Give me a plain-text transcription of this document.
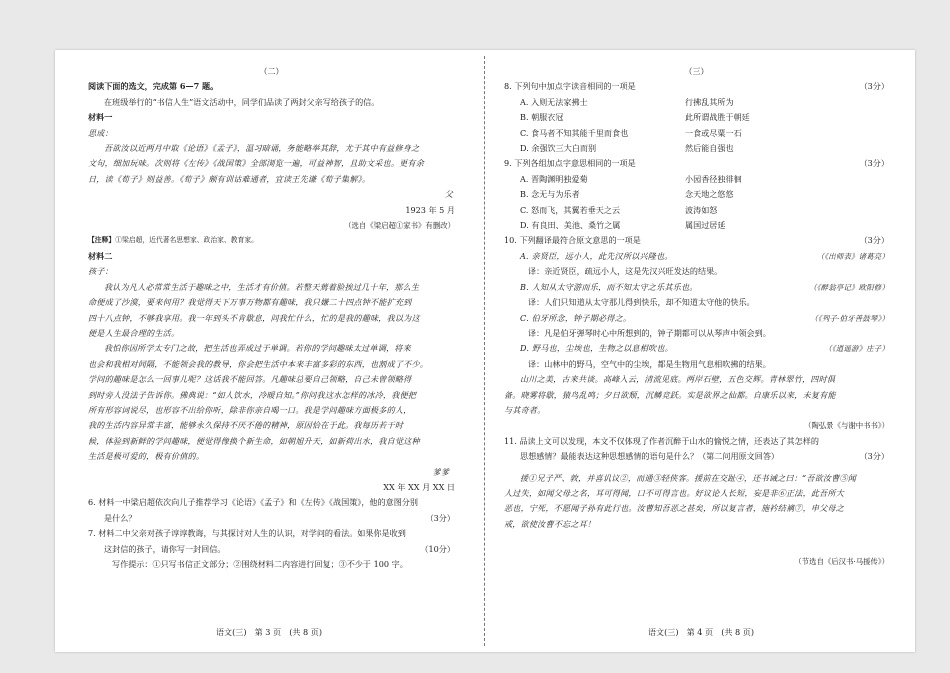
（二）
阅读下面的选文，完成第 6—7 题。
在班级举行的“书信人生”语文活动中，同学们品读了两封父亲写给孩子的信。
材料一
思成：
吾欲汝以近两月中取《论语》《孟子》，温习暗诵，务能略举其辞，尤于其中有益修身之
文句，细加玩味。次则将《左传》《战国策》全部浏览一遍，可益神智，且助文采也。更有余
日，读《荀子》则益善。《荀子》颇有训诂难通者，宜读王先谦《荀子集解》。
父
1923 年 5 月
（选自《梁启超①家书》有删改）
【注释】①梁启超，近代著名思想家、政治家、教育家。
材料二
孩子：
我认为凡人必常常生活于趣味之中，生活才有价值。若整天蔫着脸挨过几十年，那么生
命便成了沙漠，要来何用？我觉得天下万事万物都有趣味，我只嫌二十四点钟不能扩充到
四十八点钟，不够我享用。我一年到头不肯歇息，问我忙什么，忙的是我的趣味，我以为这
便是人生最合理的生活。
我怕你因所学太专门之故，把生活也弄成过于单调。若你的学问趣味太过单调，将来
也会和我相对间隔，不能领会我的教导，你会把生活中本来丰富多彩的东西，也割成了不少。
学问的趣味是怎么一回事儿呢？这话我不能回答。凡趣味总要自己领略，自己未曾领略得
到时旁人没法子告诉你。佛典说：“如人饮水，冷暖自知。”你问我这水怎样的冰冷，我便把
所有形容词说尽，也形容不出给你听，除非你亲自喝一口。我是学问趣味方面极多的人，
我的生活内容异常丰富，能够永久保持不厌不倦的精神，原因恰在于此。我每历若干时
候，体验到新鲜的学问趣味，便觉得像换个新生命，如朝旭升天，如新荷出水，我自觉这种
生活是极可爱的，极有价值的。
爹爹
XX 年 XX 月 XX 日
6. 材料一中梁启超依次向儿子推荐学习《论语》《孟子》和《左传》《战国策》，他的意图分别
是什么？	（3分）
7. 材料二中父亲对孩子谆谆教诲，与其探讨对人生的认识，对学问的看法。如果你是收到
这封信的孩子，请你写一封回信。	（10分）
写作提示：①只写书信正文部分；②围绕材料二内容进行回复；③不少于 100 字。
语文(三)　第 3 页　(共 8 页)
（三）
8. 下列句中加点字读音相同的一项是	（3分）
A. 入则无法家拂士	行拂乱其所为
B. 朝服衣冠	此所谓战胜于朝廷
C. 食马者不知其能千里而食也	一食或尽粟一石
D. 余强饮三大白而别	然后能自强也
9. 下列各组加点字意思相同的一项是	（3分）
A. 晋陶渊明独爱菊	小园香径独徘徊
B. 念无与为乐者	念天地之悠悠
C. 怒而飞，其翼若垂天之云	波涛如怒
D. 有良田、美池、桑竹之属	属国过居延
10. 下列翻译最符合原文意思的一项是	（3分）
A. 亲贤臣，远小人，此先汉所以兴隆也。	（《出师表》诸葛亮）
译：亲近贤臣，疏远小人，这是先汉兴旺发达的结果。
B. 人知从太守游而乐，而不知太守之乐其乐也。	（《醉翁亭记》欧阳修）
译：人们只知道从太守那儿得到快乐，却不知道太守他的快乐。
C. 伯牙所念，钟子期必得之。	（《列子·伯牙善鼓琴》）
译：凡是伯牙弹琴时心中所想到的，钟子期都可以从琴声中领会到。
D. 野马也，尘埃也，生物之以息相吹也。	（《逍遥游》庄子）
译：山林中的野马，空气中的尘埃，都是生物用气息相吹拂的结果。
山川之美，古来共谈。高峰入云，清流见底。两岸石壁，五色交辉。青林翠竹，四时俱
备。晓雾将歇，猿鸟乱鸣；夕日欲颓，沉鳞竞跃。实是欲界之仙都。自康乐以来，未复有能
与其奇者。
（陶弘景《与谢中书书》）
11. 品读上文可以发现，本文不仅体现了作者沉醉于山水的愉悦之情，还表达了其怎样的
思想感情？最能表达这种思想感情的语句是什么？（第二问用原文回答）	（3分）
援①兄子严、敦，并喜讥议②，而通③轻侠客。援前在交趾④，还书诫之曰：“吾欲汝曹⑤闻
人过失，如闻父母之名，耳可得闻，口不可得言也。好议论人长短，妄是非⑥正法，此吾所大
恶也，宁死，不愿闻子孙有此行也。汝曹知吾恶之甚矣，所以复言者，施衿结褵⑦，申父母之
戒，欲使汝曹不忘之耳！
（节选自《后汉书·马援传》）
语文(三)　第 4 页　(共 8 页)
